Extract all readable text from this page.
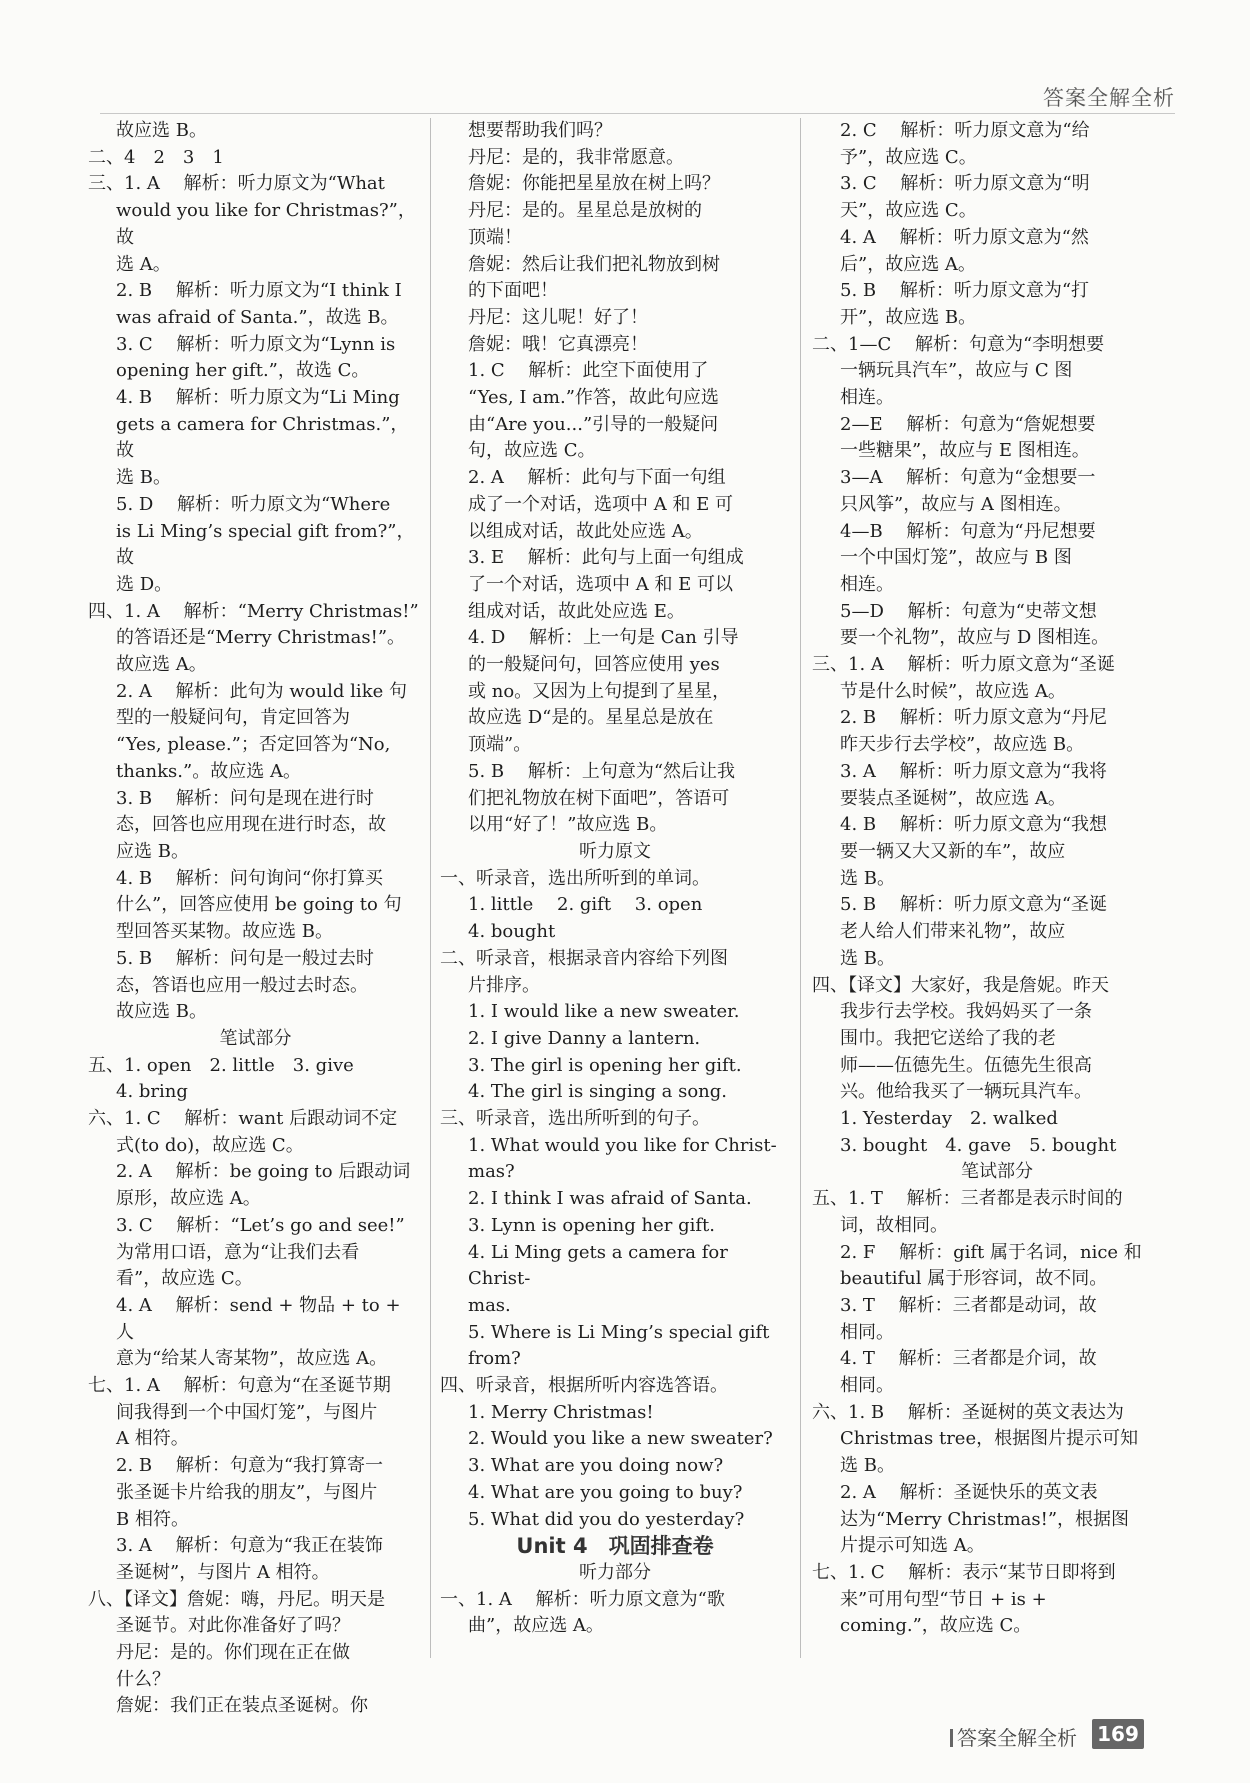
答案全解全析

故应选 B。

二、4　2　3　1

三、1. A　 解析：听力原文为“What

would you like for Christmas?”，故

选 A。

2. B　 解析：听力原文为“I think I

was afraid of Santa.”，故选 B。

3. C　 解析：听力原文为“Lynn is

opening her gift.”，故选 C。

4. B　 解析：听力原文为“Li Ming

gets a camera for Christmas.”，故

选 B。

5. D　 解析：听力原文为“Where

is Li Ming’s special gift from?”，故

选 D。

四、1. A　 解析：“Merry Christmas!”

的答语还是“Merry Christmas!”。

故应选 A。

2. A　 解析：此句为 would like 句

型的一般疑问句，肯定回答为

“Yes, please.”；否定回答为“No,

thanks.”。故应选 A。

3. B　 解析：问句是现在进行时

态，回答也应用现在进行时态，故

应选 B。

4. B　 解析：问句询问“你打算买

什么”，回答应使用 be going to 句

型回答买某物。故应选 B。

5. B　 解析：问句是一般过去时

态，答语也应用一般过去时态。

故应选 B。

笔试部分

五、1. open　2. little　3. give

4. bring

六、1. C　 解析：want 后跟动词不定

式(to do)，故应选 C。

2. A　 解析：be going to 后跟动词

原形，故应选 A。

3. C　 解析：“Let’s go and see!”

为常用口语，意为“让我们去看

看”，故应选 C。

4. A　 解析：send + 物品 + to + 人

意为“给某人寄某物”，故应选 A。

七、1. A　 解析：句意为“在圣诞节期

间我得到一个中国灯笼”，与图片

A 相符。

2. B　 解析：句意为“我打算寄一

张圣诞卡片给我的朋友”，与图片

B 相符。

3. A　 解析：句意为“我正在装饰

圣诞树”，与图片 A 相符。

八、【译文】詹妮：嗨，丹尼。明天是

圣诞节。对此你准备好了吗？

丹尼：是的。你们现在正在做

什么？

詹妮：我们正在装点圣诞树。你

想要帮助我们吗？

丹尼：是的，我非常愿意。

詹妮：你能把星星放在树上吗？

丹尼：是的。星星总是放树的

顶端！

詹妮：然后让我们把礼物放到树

的下面吧！

丹尼：这儿呢！好了！

詹妮：哦！它真漂亮！

1. C　 解析：此空下面使用了

“Yes, I am.”作答，故此句应选

由“Are you...”引导的一般疑问

句，故应选 C。

2. A　 解析：此句与下面一句组

成了一个对话，选项中 A 和 E 可

以组成对话，故此处应选 A。

3. E　 解析：此句与上面一句组成

了一个对话，选项中 A 和 E 可以

组成对话，故此处应选 E。

4. D　 解析：上一句是 Can 引导

的一般疑问句，回答应使用 yes

或 no。又因为上句提到了星星，

故应选 D“是的。星星总是放在

顶端”。

5. B　 解析：上句意为“然后让我

们把礼物放在树下面吧”，答语可

以用“好了！”故应选 B。

听力原文

一、听录音，选出所听到的单词。

1. little　 2. gift　 3. open

4. bought

二、听录音，根据录音内容给下列图

片排序。

1. I would like a new sweater.

2. I give Danny a lantern.

3. The girl is opening her gift.

4. The girl is singing a song.

三、听录音，选出所听到的句子。

1. What would you like for Christ-

mas?

2. I think I was afraid of Santa.

3. Lynn is opening her gift.

4. Li Ming gets a camera for Christ-

mas.

5. Where is Li Ming’s special gift

from?

四、听录音，根据所听内容选答语。

1. Merry Christmas!

2. Would you like a new sweater?

3. What are you doing now?

4. What are you going to buy?

5. What did you do yesterday?

Unit 4　巩固排查卷

听力部分

一、1. A　 解析：听力原文意为“歌

曲”，故应选 A。

2. C　 解析：听力原文意为“给

予”，故应选 C。

3. C　 解析：听力原文意为“明

天”，故应选 C。

4. A　 解析：听力原文意为“然

后”，故应选 A。

5. B　 解析：听力原文意为“打

开”，故应选 B。

二、1—C　 解析：句意为“李明想要

一辆玩具汽车”，故应与 C 图

相连。

2—E　 解析：句意为“詹妮想要

一些糖果”，故应与 E 图相连。

3—A　 解析：句意为“金想要一

只风筝”，故应与 A 图相连。

4—B　 解析：句意为“丹尼想要

一个中国灯笼”，故应与 B 图

相连。

5—D　 解析：句意为“史蒂文想

要一个礼物”，故应与 D 图相连。

三、1. A　 解析：听力原文意为“圣诞

节是什么时候”，故应选 A。

2. B　 解析：听力原文意为“丹尼

昨天步行去学校”，故应选 B。

3. A　 解析：听力原文意为“我将

要装点圣诞树”，故应选 A。

4. B　 解析：听力原文意为“我想

要一辆又大又新的车”，故应

选 B。

5. B　 解析：听力原文意为“圣诞

老人给人们带来礼物”，故应

选 B。

四、【译文】大家好，我是詹妮。昨天

我步行去学校。我妈妈买了一条

围巾。我把它送给了我的老

师——伍德先生。伍德先生很高

兴。他给我买了一辆玩具汽车。

1. Yesterday　2. walked

3. bought　4. gave　5. bought

笔试部分

五、1. T　 解析：三者都是表示时间的

词，故相同。

2. F　 解析：gift 属于名词，nice 和

beautiful 属于形容词，故不同。

3. T　 解析：三者都是动词，故

相同。

4. T　 解析：三者都是介词，故

相同。

六、1. B　 解析：圣诞树的英文表达为

Christmas tree，根据图片提示可知

选 B。

2. A　 解析：圣诞快乐的英文表

达为“Merry Christmas!”，根据图

片提示可知选 A。

七、1. C　 解析：表示“某节日即将到

来”可用句型“节日 + is +

coming.”，故应选 C。

答案全解全析 169
